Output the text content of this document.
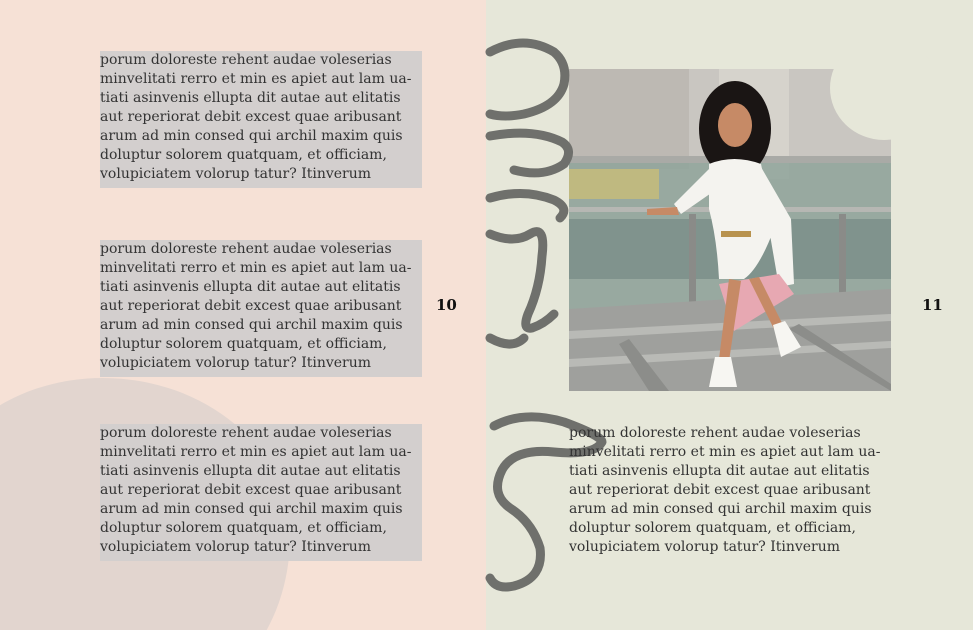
porum doloreste rehent audae voleserias
minvelitati rerro et min es apiet aut lam ua-
tiati asinvenis ellupta dit autae aut elitatis
aut reperiorat debit excest quae aribusant
arum ad min consed qui archil maxim quis
doluptur solorem quatquam, et officiam,
volupiciatem volorup tatur? Itinverum

porum doloreste rehent audae voleserias
minvelitati rerro et min es apiet aut lam ua-
tiati asinvenis ellupta dit autae aut elitatis
aut reperiorat debit excest quae aribusant
arum ad min consed qui archil maxim quis
doluptur solorem quatquam, et officiam,
volupiciatem volorup tatur? Itinverum

porum doloreste rehent audae voleserias
minvelitati rerro et min es apiet aut lam ua-
tiati asinvenis ellupta dit autae aut elitatis
aut reperiorat debit excest quae aribusant
arum ad min consed qui archil maxim quis
doluptur solorem quatquam, et officiam,
volupiciatem volorup tatur? Itinverum

10

porum doloreste rehent audae voleserias
minvelitati rerro et min es apiet aut lam ua-
tiati asinvenis ellupta dit autae aut elitatis
aut reperiorat debit excest quae aribusant
arum ad min consed qui archil maxim quis
doluptur solorem quatquam, et officiam,
volupiciatem volorup tatur? Itinverum

11
